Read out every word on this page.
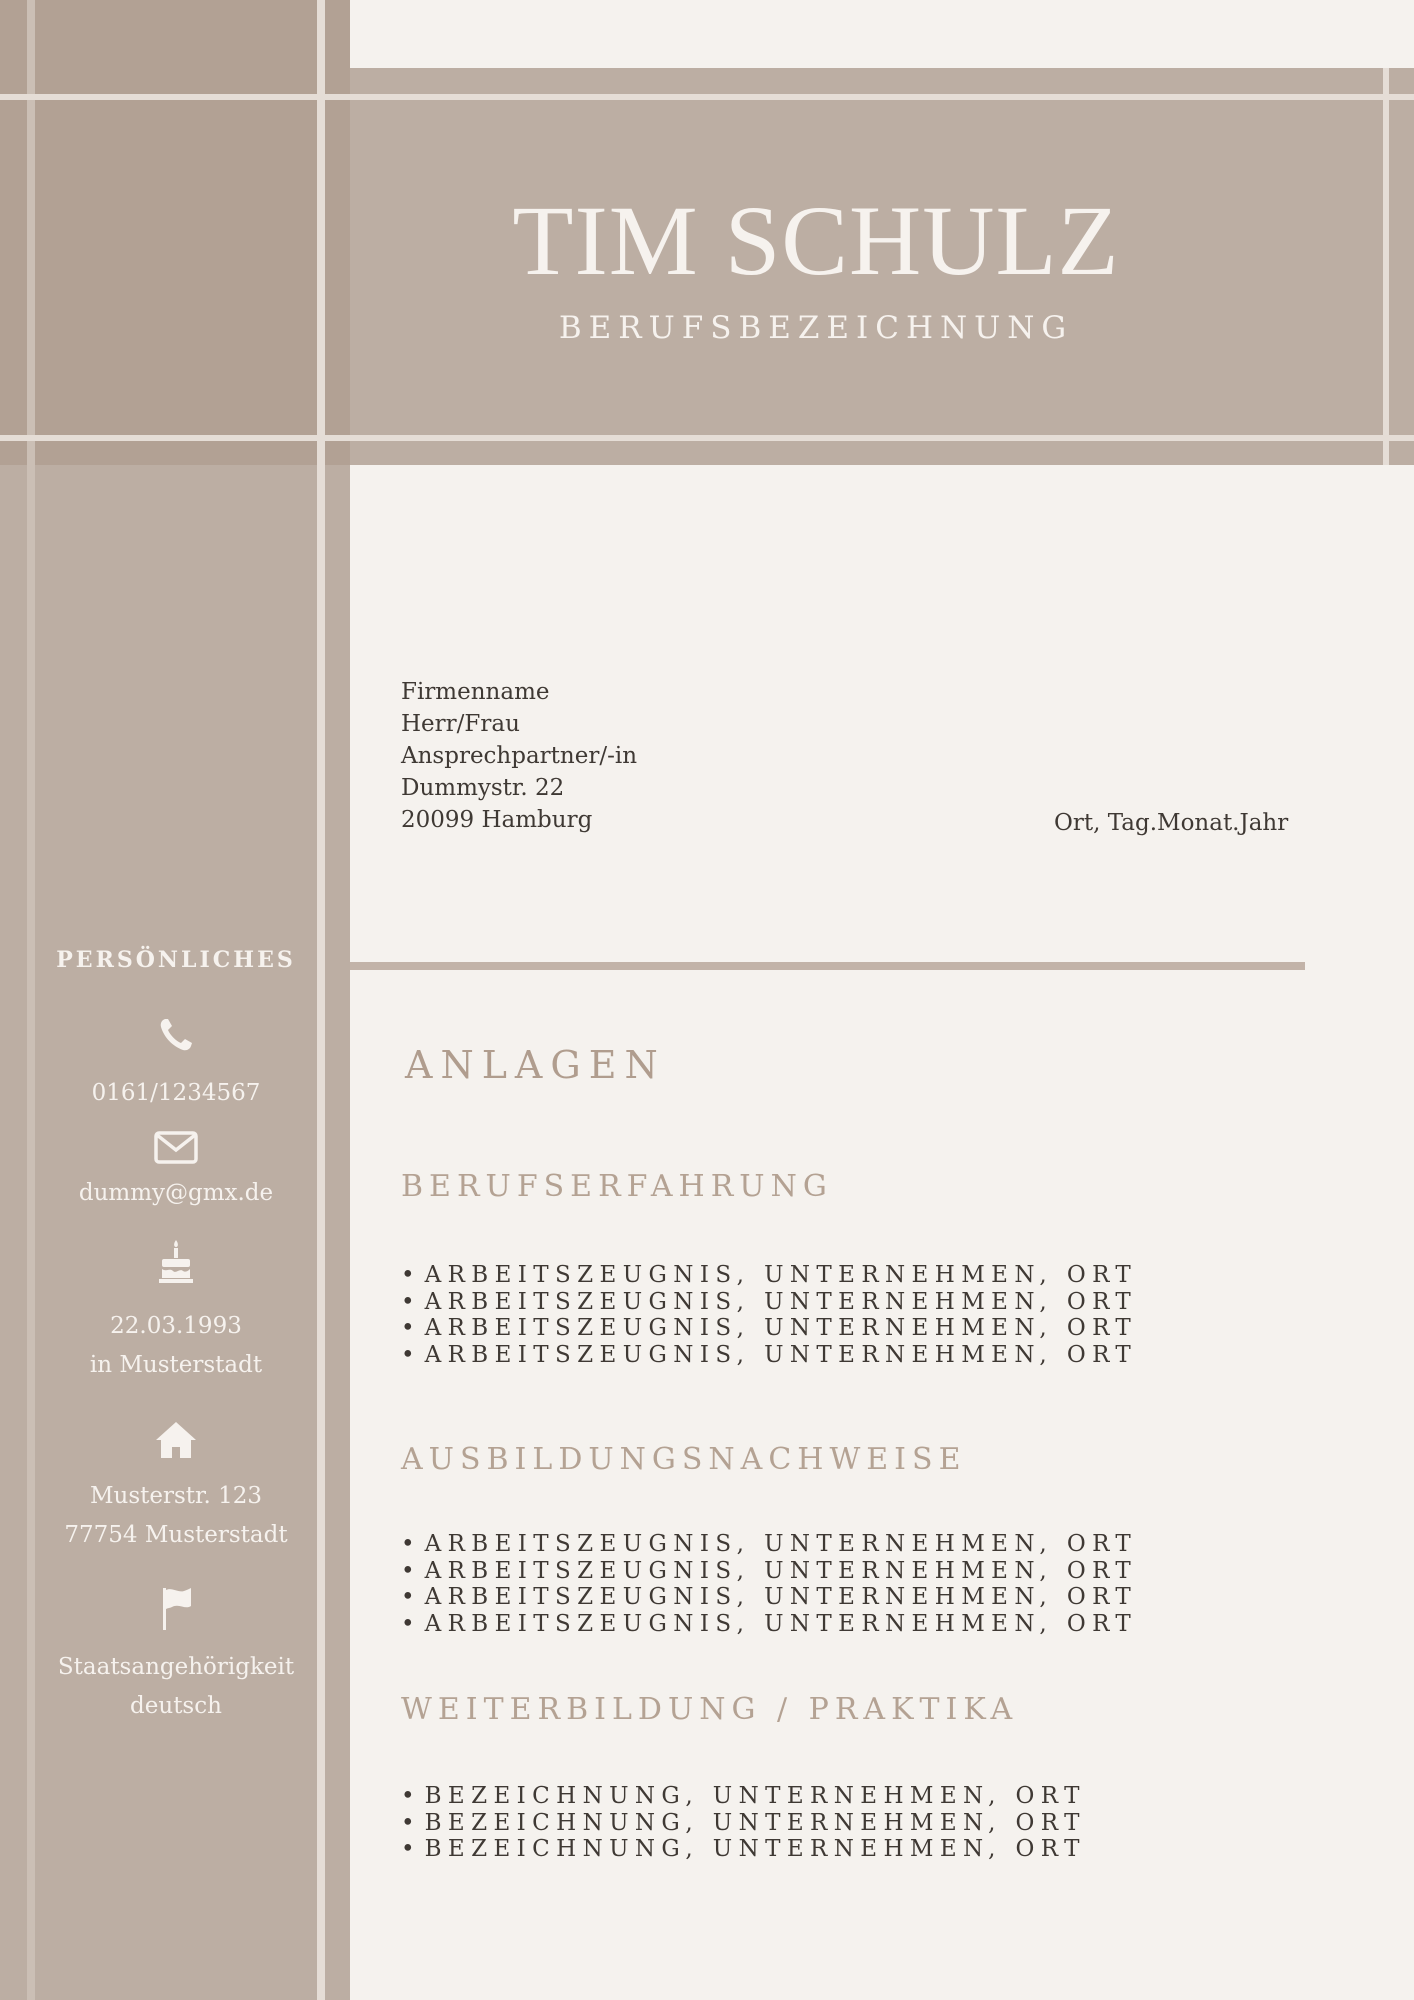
TIM SCHULZ
BERUFSBEZEICHNUNG
Firmenname
Herr/Frau
Ansprechpartner/-in
Dummystr. 22
20099 Hamburg	Ort, Tag.Monat.Jahr
PERSÖNLICHES
0161/1234567
dummy@gmx.de
22.03.1993
in Musterstadt
Musterstr. 123
77754 Musterstadt
Staatsangehörigkeit
deutsch
ANLAGEN
BERUFSERFAHRUNG
• ARBEITSZEUGNIS, UNTERNEHMEN, ORT
• ARBEITSZEUGNIS, UNTERNEHMEN, ORT
• ARBEITSZEUGNIS, UNTERNEHMEN, ORT
• ARBEITSZEUGNIS, UNTERNEHMEN, ORT
AUSBILDUNGSNACHWEISE
• ARBEITSZEUGNIS, UNTERNEHMEN, ORT
• ARBEITSZEUGNIS, UNTERNEHMEN, ORT
• ARBEITSZEUGNIS, UNTERNEHMEN, ORT
• ARBEITSZEUGNIS, UNTERNEHMEN, ORT
WEITERBILDUNG / PRAKTIKA
• BEZEICHNUNG, UNTERNEHMEN, ORT
• BEZEICHNUNG, UNTERNEHMEN, ORT
• BEZEICHNUNG, UNTERNEHMEN, ORT
